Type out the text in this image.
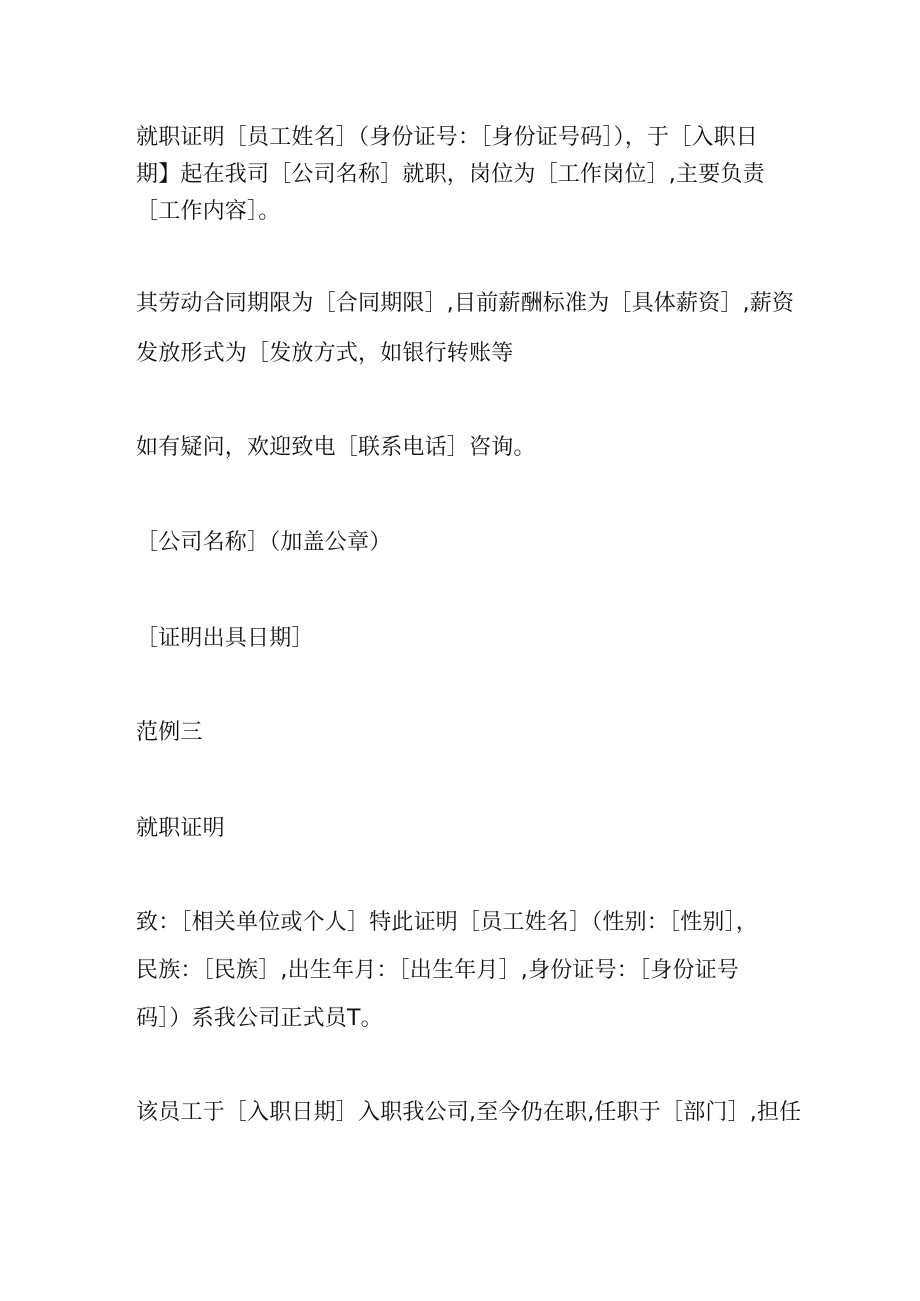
就职证明［员工姓名］（身份证号：［身份证号码］），于［入职日
期】起在我司［公司名称］就职，岗位为［工作岗位］,主要负责
［工作内容］。
其劳动合同期限为［合同期限］,目前薪酬标准为［具体薪资］,薪资
发放形式为［发放方式，如银行转账等
如有疑问，欢迎致电［联系电话］咨询。
［公司名称］（加盖公章）
［证明出具日期］
范例三
就职证明
致：［相关单位或个人］特此证明［员工姓名］（性别：［性别］，
民族：［民族］,出生年月：［出生年月］,身份证号：［身份证号
码］）系我公司正式员T。
该员工于［入职日期］入职我公司,至今仍在职,任职于［部门］,担任
